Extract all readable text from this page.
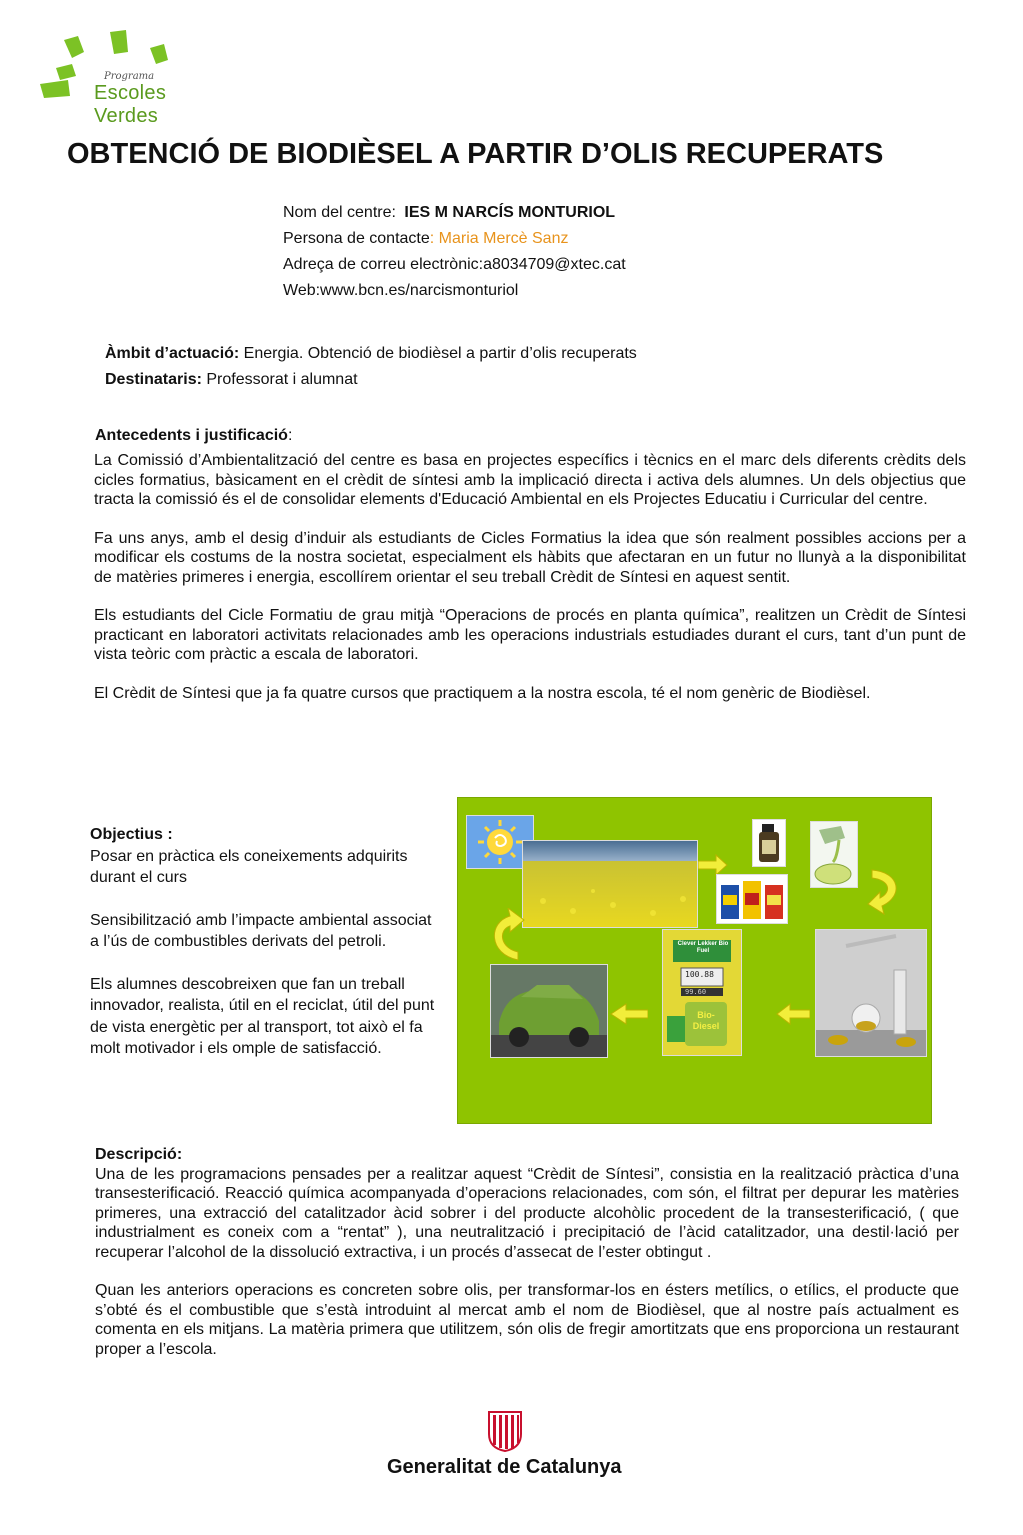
Programa
Escoles Verdes
OBTENCIÓ DE BIODIÈSEL A PARTIR D’OLIS RECUPERATS
Nom del centre: IES M NARCÍS MONTURIOL
Persona de contacte: Maria Mercè Sanz
Adreça de correu electrònic:a8034709@xtec.cat
Web:www.bcn.es/narcismonturiol
Àmbit d’actuació: Energia. Obtenció de biodièsel a partir d’olis recuperats
Destinataris: Professorat i alumnat
Antecedents i justificació:

La Comissió d’Ambientalització del centre es basa en projectes específics i tècnics en el marc dels diferents crèdits dels cicles formatius, bàsicament en el crèdit de síntesi amb la implicació directa i activa dels alumnes. Un dels objectius que tracta la comissió és el de consolidar elements d'Educació Ambiental en els Projectes Educatiu i Curricular del centre.

Fa uns anys, amb el desig d’induir als estudiants de Cicles Formatius la idea que són realment possibles accions per a modificar els costums de la nostra societat, especialment els hàbits que afectaran en un futur no llunyà a la disponibilitat de matèries primeres i energia, escollírem orientar el seu treball Crèdit de Síntesi en aquest sentit.

Els estudiants del Cicle Formatiu de grau mitjà “Operacions de procés en planta química”, realitzen un Crèdit de Síntesi practicant en laboratori activitats relacionades amb les operacions industrials estudiades durant el curs, tant d’un punt de vista teòric com pràctic a escala de laboratori.

El Crèdit de Síntesi que ja fa quatre cursos que practiquem a la nostra escola, té el nom genèric de Biodièsel.

Objectius :

Posar en pràctica els coneixements adquirits durant el curs

Sensibilització amb l’impacte ambiental associat a l’ús de combustibles derivats del petroli.

Els alumnes descobreixen que fan un treball innovador, realista, útil en el reciclat, útil del punt de vista energètic per al transport, tot això el fa molt motivador i els omple de satisfacció.

Clever Lekker Bio Fuel
100.88
99.60
Bio-Diesel

Descripció:

Una de les programacions pensades per a realitzar aquest “Crèdit de Síntesi”, consistia en la realització pràctica d’una transesterificació. Reacció química acompanyada d’operacions relacionades, com són, el filtrat per depurar les matèries primeres, una extracció del catalitzador àcid sobrer i del producte alcohòlic procedent de la transesterificació, ( que industrialment es coneix com a “rentat” ), una neutralització i precipitació de l’àcid catalitzador, una destil·lació per recuperar l’alcohol de la dissolució extractiva, i un procés d’assecat de l’ester obtingut .

Quan les anteriors operacions es concreten sobre olis, per transformar-los en ésters metílics, o etílics, el producte que s’obté és el combustible que s’està introduint al mercat amb el nom de Biodièsel, que al nostre país actualment es comenta en els mitjans. La matèria primera que utilitzem, són olis de fregir amortitzats que ens proporciona un restaurant proper a l’escola.

Generalitat de Catalunya
